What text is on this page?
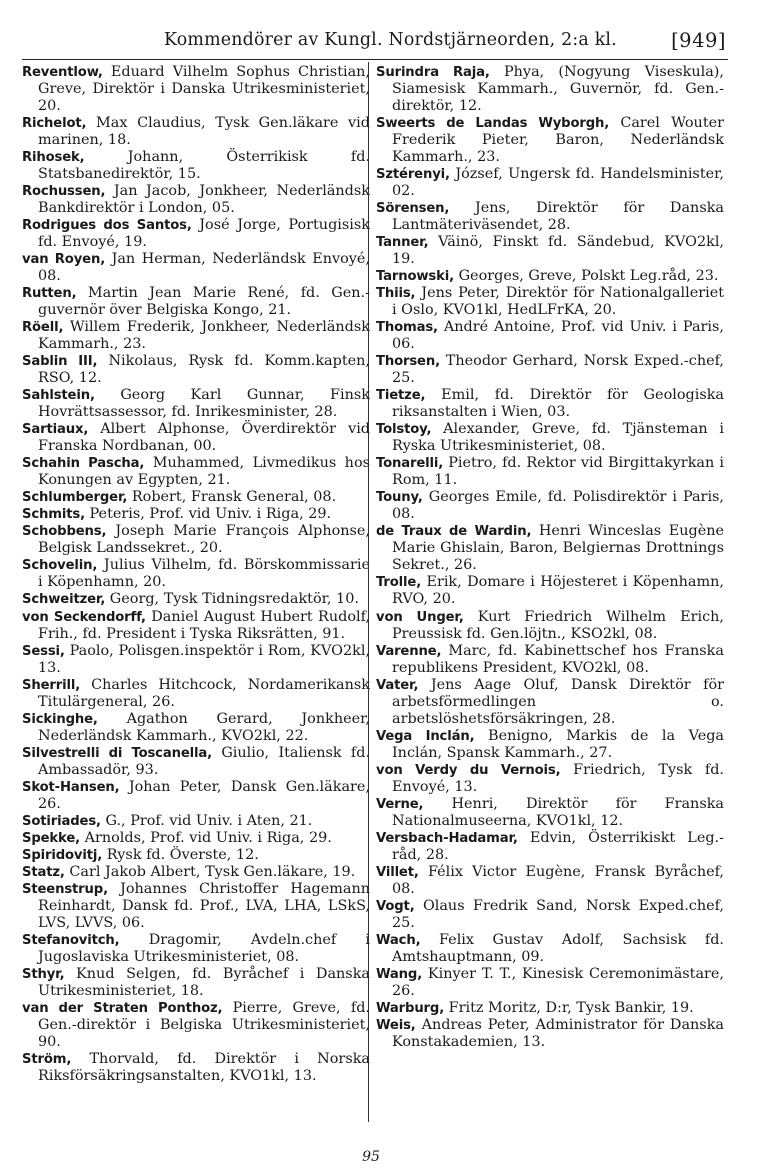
Kommendörer av Kungl. Nordstjärneorden, 2:a kl.	[949]

Reventlow, Eduard Vilhelm Sophus Christian, Greve, Direktör i Danska Utrikesministeriet, 20.

Richelot, Max Claudius, Tysk Gen.läkare vid marinen, 18.

Rihosek,	Johann, Österrikisk fd. Statsbanedirektör, 15.

Rochussen, Jan Jacob, Jonkheer, Nederländsk Bankdirektör i London, 05.

Rodrigues dos Santos, José Jorge, Portugisisk fd. Envoyé, 19.

van Royen, Jan Herman, Nederländsk Envoyé, 08.

Rutten, Martin Jean Marie René, fd. Gen.-guvernör över Belgiska Kongo, 21.

Röell, Willem Frederik, Jonkheer, Nederländsk Kammarh., 23.

Sablin III, Nikolaus, Rysk fd. Komm.kapten, RSO, 12.

Sahlstein, Georg Karl Gunnar, Finsk Hovrättsassessor, fd. Inrikesminister, 28.

Sartiaux, Albert Alphonse, Överdirektör vid Franska Nordbanan, 00.

Schahin Pascha, Muhammed, Livmedikus hos Konungen av Egypten, 21.

Schlumberger, Robert, Fransk General, 08.

Schmits, Peteris, Prof. vid Univ. i Riga, 29.

Schobbens, Joseph Marie François Alphonse, Belgisk Landssekret., 20.

Schovelin, Julius Vilhelm, fd. Börskommissarie i Köpenhamn, 20.

Schweitzer, Georg, Tysk Tidningsredaktör, 10.

von Seckendorff, Daniel August Hubert Rudolf, Frih., fd. President i Tyska Riksrätten, 91.

Sessi, Paolo, Polisgen.inspektör i Rom, KVO2kl, 13.

Sherrill, Charles Hitchcock, Nordamerikansk Titulärgeneral, 26.

Sickinghe, Agathon Gerard, Jonkheer, Nederländsk Kammarh., KVO2kl, 22.

Silvestrelli di Toscanella, Giulio, Italiensk fd. Ambassadör, 93.

Skot-Hansen, Johan Peter, Dansk Gen.läkare, 26.

Sotiriades, G., Prof. vid Univ. i Aten, 21.

Spekke, Arnolds, Prof. vid Univ. i Riga, 29.

Spiridovitj, Rysk fd. Överste, 12.

Statz, Carl Jakob Albert, Tysk Gen.läkare, 19.

Steenstrup, Johannes Christoffer Hagemann Reinhardt, Dansk fd. Prof., LVA, LHA, LSkS, LVS, LVVS, 06.

Stefanovitch, Dragomir, Avdeln.chef i Jugoslaviska Utrikesministeriet, 08.

Sthyr, Knud Selgen, fd. Byråchef i Danska Utrikesministeriet, 18.

van der Straten Ponthoz, Pierre, Greve, fd. Gen.-direktör i Belgiska Utrikesministeriet, 90.

Ström, Thorvald, fd. Direktör i Norska Riksförsäkringsanstalten, KVO1kl, 13.

Surindra Raja, Phya, (Nogyung Viseskula), Siamesisk Kammarh., Guvernör, fd. Gen.-direktör, 12.

Sweerts de Landas Wyborgh, Carel Wouter Frederik Pieter, Baron, Nederländsk Kammarh., 23.

Sztérenyi, József, Ungersk fd. Handelsminister, 02.

Sörensen, Jens, Direktör för Danska Lantmäteriväsendet, 28.

Tanner, Väinö, Finskt fd. Sändebud, KVO2kl, 19.

Tarnowski, Georges, Greve, Polskt Leg.råd, 23.

Thiis, Jens Peter, Direktör för Nationalgalleriet i Oslo, KVO1kl, HedLFrKA, 20.

Thomas, André Antoine, Prof. vid Univ. i Paris, 06.

Thorsen, Theodor Gerhard, Norsk Exped.-chef, 25.

Tietze, Emil, fd. Direktör för Geologiska riksanstalten i Wien, 03.

Tolstoy, Alexander, Greve, fd. Tjänsteman i Ryska Utrikesministeriet, 08.

Tonarelli, Pietro, fd. Rektor vid Birgittakyrkan i Rom, 11.

Touny, Georges Emile, fd. Polisdirektör i Paris, 08.

de Traux de Wardin, Henri Winceslas Eugène Marie Ghislain, Baron, Belgiernas Drottnings Sekret., 26.

Trolle, Erik, Domare i Höjesteret i Köpenhamn, RVO, 20.

von Unger, Kurt Friedrich Wilhelm Erich, Preussisk fd. Gen.löjtn., KSO2kl, 08.

Varenne, Marc, fd. Kabinettschef hos Franska republikens President, KVO2kl, 08.

Vater, Jens Aage Oluf, Dansk Direktör för arbetsförmedlingen o. arbetslöshetsförsäkringen, 28.

Vega Inclán, Benigno, Markis de la Vega Inclán, Spansk Kammarh., 27.

von Verdy du Vernois, Friedrich, Tysk fd. Envoyé, 13.

Verne, Henri, Direktör för Franska Nationalmuseerna, KVO1kl, 12.

Versbach-Hadamar, Edvin, Österrikiskt Leg.-råd, 28.

Villet, Félix Victor Eugène, Fransk Byråchef, 08.

Vogt, Olaus Fredrik Sand, Norsk Exped.chef, 25.

Wach, Felix Gustav Adolf, Sachsisk fd. Amtshauptmann, 09.

Wang, Kinyer T. T., Kinesisk Ceremonimästare, 26.

Warburg, Fritz Moritz, D:r, Tysk Bankir, 19.

Weis, Andreas Peter, Administrator för Danska Konstakademien, 13.

95
